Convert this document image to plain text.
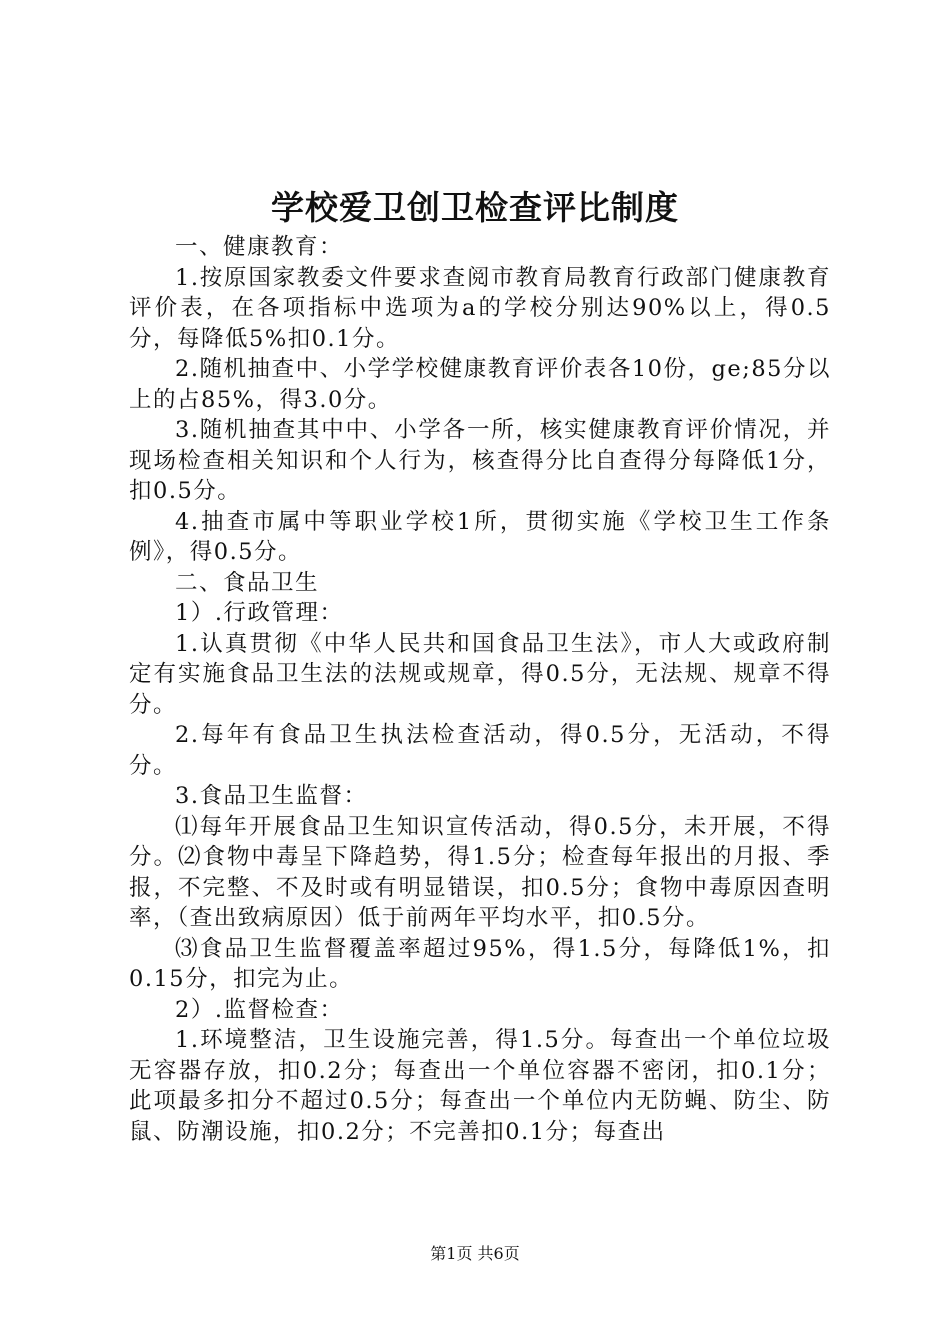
学校爱卫创卫检查评比制度

一、健康教育：

1.按原国家教委文件要求查阅市教育局教育行政部门健康教育评价表，在各项指标中选项为a的学校分别达90%以上，得0.5分，每降低5%扣0.1分。

2.随机抽查中、小学学校健康教育评价表各10份，ge;85分以上的占85%，得3.0分。

3.随机抽查其中中、小学各一所，核实健康教育评价情况，并现场检查相关知识和个人行为，核查得分比自查得分每降低1分，扣0.5分。

4.抽查市属中等职业学校1所，贯彻实施《学校卫生工作条例》，得0.5分。

二、食品卫生

1）.行政管理：

1.认真贯彻《中华人民共和国食品卫生法》，市人大或政府制定有实施食品卫生法的法规或规章，得0.5分，无法规、规章不得分。

2.每年有食品卫生执法检查活动，得0.5分，无活动，不得分。

3.食品卫生监督：

⑴每年开展食品卫生知识宣传活动，得0.5分，未开展，不得分。⑵食物中毒呈下降趋势，得1.5分；检查每年报出的月报、季报，不完整、不及时或有明显错误，扣0.5分；食物中毒原因查明率，（查出致病原因）低于前两年平均水平，扣0.5分。

⑶食品卫生监督覆盖率超过95%，得1.5分，每降低1%，扣0.15分，扣完为止。

2）.监督检查：

1.环境整洁，卫生设施完善，得1.5分。每查出一个单位垃圾无容器存放，扣0.2分；每查出一个单位容器不密闭，扣0.1分；此项最多扣分不超过0.5分；每查出一个单位内无防蝇、防尘、防鼠、防潮设施，扣0.2分；不完善扣0.1分；每查出

第1页 共6页
